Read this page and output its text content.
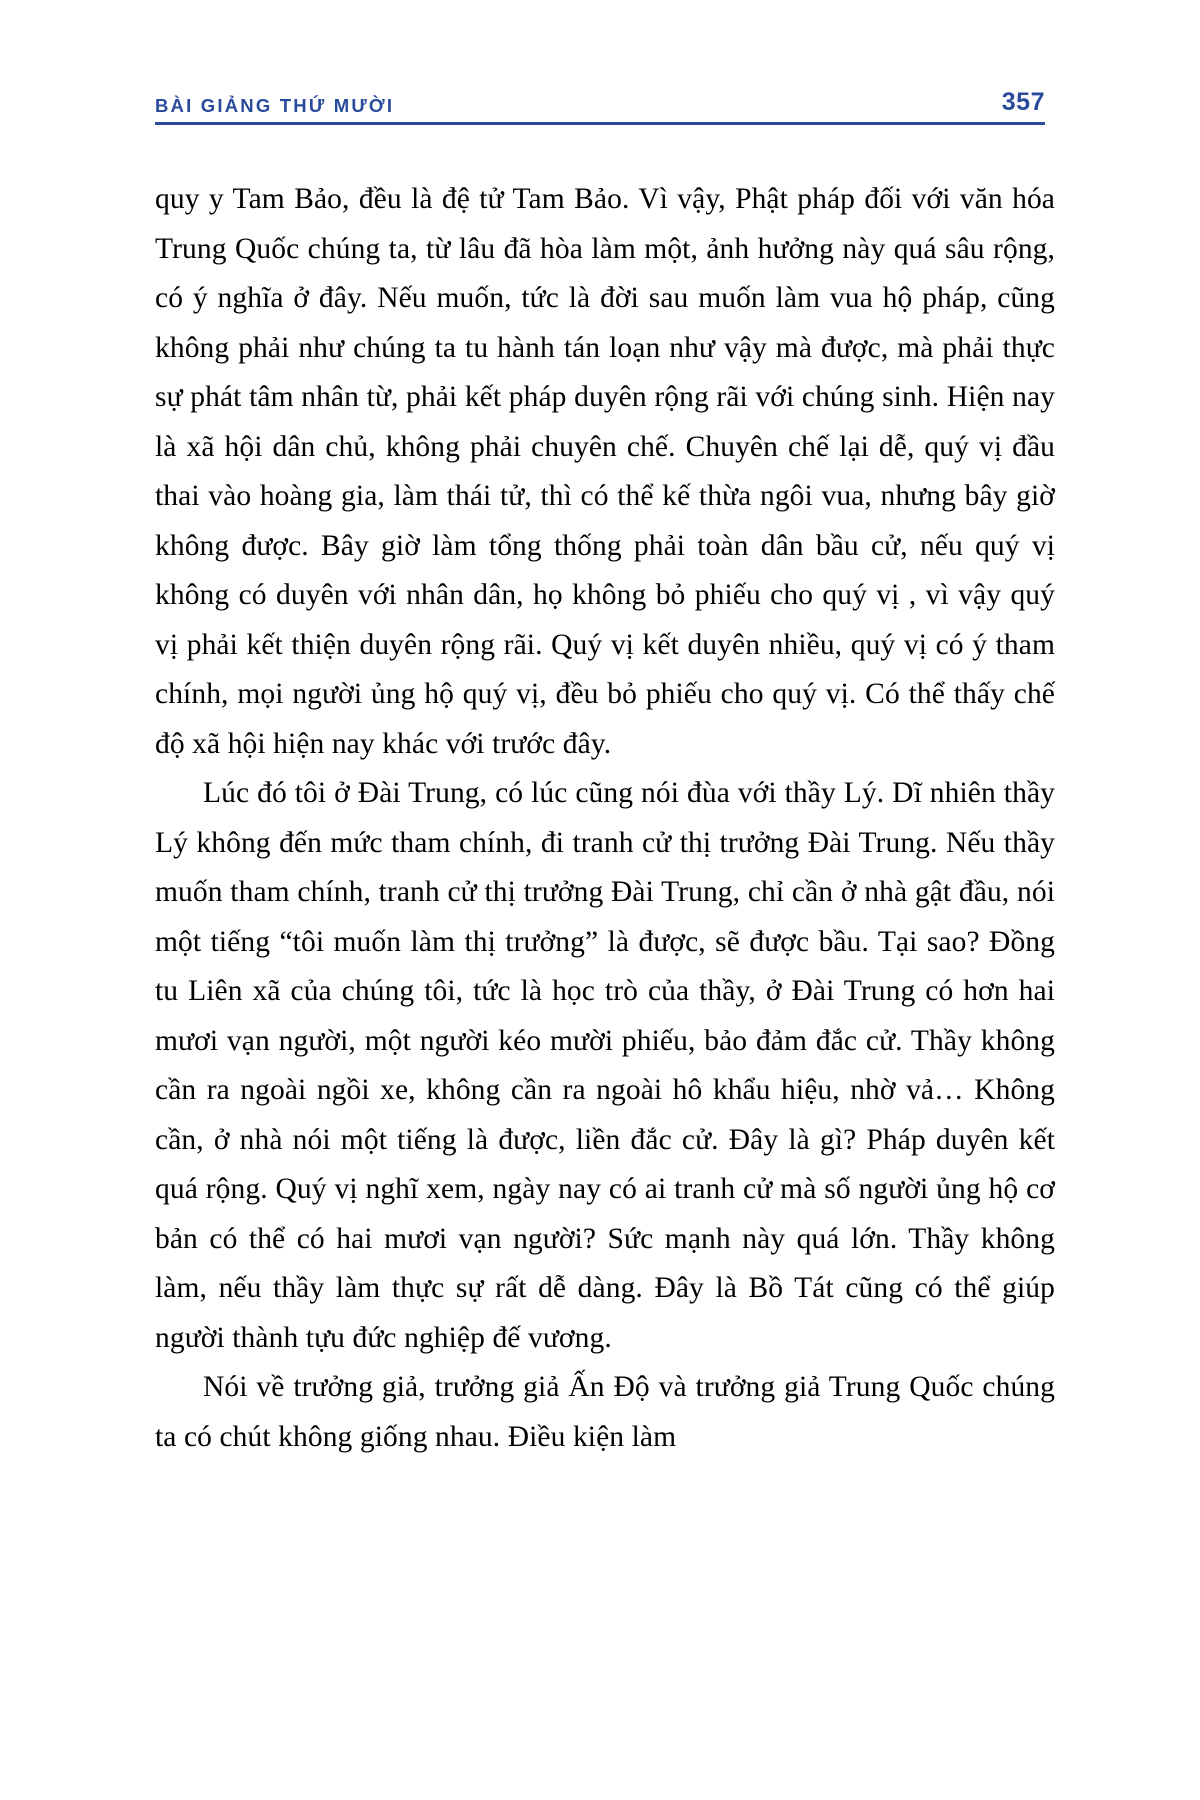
BÀI GIẢNG THỨ MƯỜI	357

quy y Tam Bảo, đều là đệ tử Tam Bảo. Vì vậy, Phật pháp đối với văn hóa Trung Quốc chúng ta, từ lâu đã hòa làm một, ảnh hưởng này quá sâu rộng, có ý nghĩa ở đây. Nếu muốn, tức là đời sau muốn làm vua hộ pháp, cũng không phải như chúng ta tu hành tán loạn như vậy mà được, mà phải thực sự phát tâm nhân từ, phải kết pháp duyên rộng rãi với chúng sinh. Hiện nay là xã hội dân chủ, không phải chuyên chế. Chuyên chế lại dễ, quý vị đầu thai vào hoàng gia, làm thái tử, thì có thể kế thừa ngôi vua, nhưng bây giờ không được. Bây giờ làm tổng thống phải toàn dân bầu cử, nếu quý vị không có duyên với nhân dân, họ không bỏ phiếu cho quý vị , vì vậy quý vị phải kết thiện duyên rộng rãi. Quý vị kết duyên nhiều, quý vị có ý tham chính, mọi người ủng hộ quý vị, đều bỏ phiếu cho quý vị. Có thể thấy chế độ xã hội hiện nay khác với trước đây.

Lúc đó tôi ở Đài Trung, có lúc cũng nói đùa với thầy Lý. Dĩ nhiên thầy Lý không đến mức tham chính, đi tranh cử thị trưởng Đài Trung. Nếu thầy muốn tham chính, tranh cử thị trưởng Đài Trung, chỉ cần ở nhà gật đầu, nói một tiếng “tôi muốn làm thị trưởng” là được, sẽ được bầu. Tại sao? Đồng tu Liên xã của chúng tôi, tức là học trò của thầy, ở Đài Trung có hơn hai mươi vạn người, một người kéo mười phiếu, bảo đảm đắc cử. Thầy không cần ra ngoài ngồi xe, không cần ra ngoài hô khẩu hiệu, nhờ vả… Không cần, ở nhà nói một tiếng là được, liền đắc cử. Đây là gì? Pháp duyên kết quá rộng. Quý vị nghĩ xem, ngày nay có ai tranh cử mà số người ủng hộ cơ bản có thể có hai mươi vạn người? Sức mạnh này quá lớn. Thầy không làm, nếu thầy làm thực sự rất dễ dàng. Đây là Bồ Tát cũng có thể giúp người thành tựu đức nghiệp đế vương.

Nói về trưởng giả, trưởng giả Ấn Độ và trưởng giả Trung Quốc chúng ta có chút không giống nhau. Điều kiện làm
